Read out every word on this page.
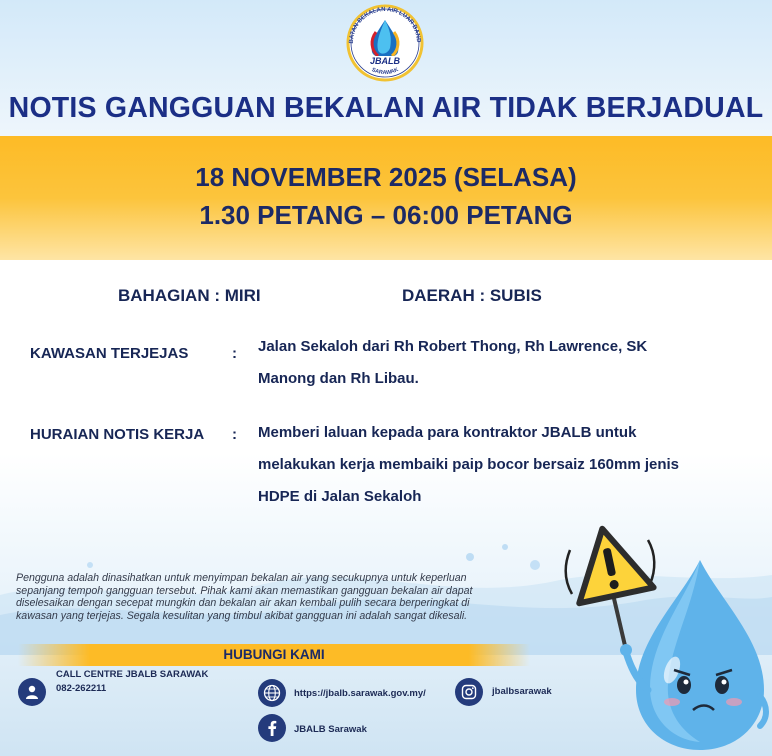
BATAN BEKALAN AIR LUAR BAND
JBALB
SARAWAK
NOTIS GANGGUAN BEKALAN AIR TIDAK BERJADUAL
18 NOVEMBER 2025 (SELASA)
1.30 PETANG – 06:00 PETANG
BAHAGIAN : MIRI	DAERAH : SUBIS
KAWASAN TERJEJAS	: Jalan Sekaloh dari Rh Robert Thong, Rh Lawrence, SK
Manong dan Rh Libau.
HURAIAN NOTIS KERJA : Memberi laluan kepada para kontraktor JBALB untuk
melakukan kerja membaiki paip bocor bersaiz 160mm jenis
HDPE di Jalan Sekaloh
Pengguna adalah dinasihatkan untuk menyimpan bekalan air yang secukupnya untuk keperluan
sepanjang tempoh gangguan tersebut. Pihak kami akan memastikan gangguan bekalan air dapat
diselesaikan dengan secepat mungkin dan bekalan air akan kembali pulih secara berperingkat di
kawasan yang terjejas. Segala kesulitan yang timbul akibat gangguan ini adalah sangat dikesali.
HUBUNGI KAMI
CALL CENTRE JBALB SARAWAK
082-262211	https://jbalb.sarawak.gov.my/	jbalbsarawak
JBALB Sarawak
